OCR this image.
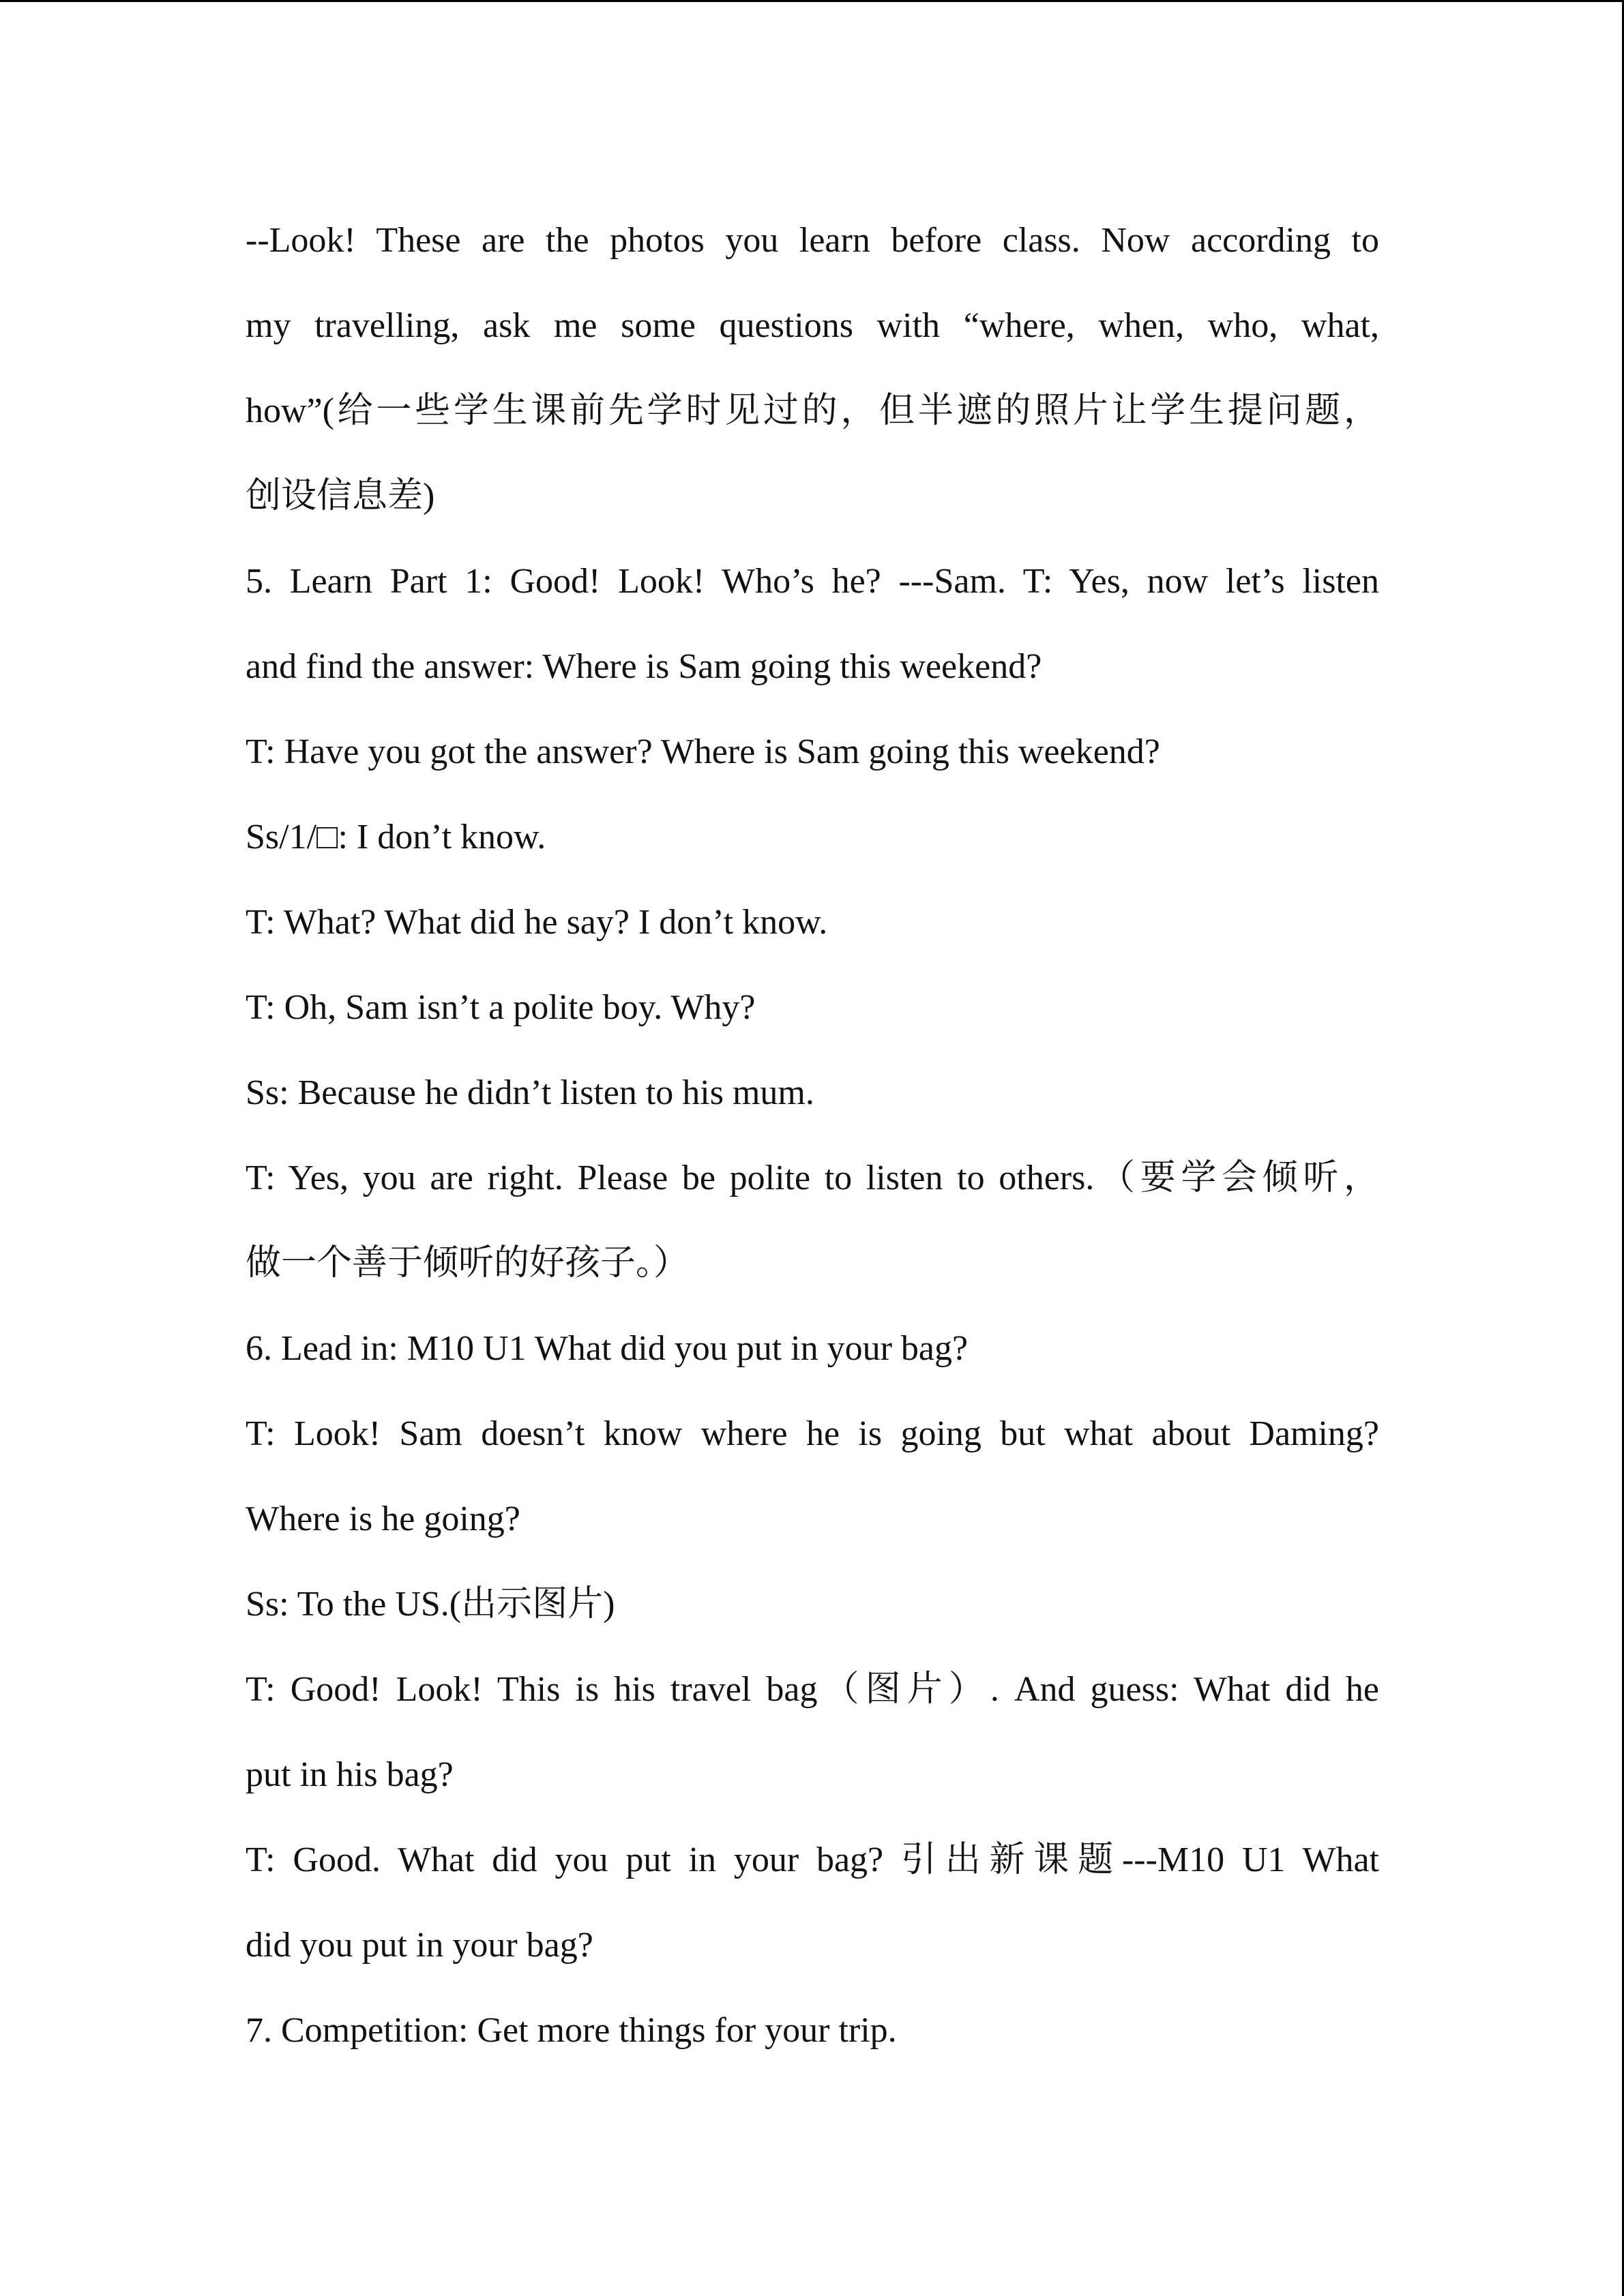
--Look! These are the photos you learn before class. Now according to
my travelling, ask me some questions with “where, when, who, what,
how”(给一些学生课前先学时见过的，但半遮的照片让学生提问题，
创设信息差)
5. Learn Part 1: Good! Look! Who’s he? ---Sam. T: Yes, now let’s listen
and find the answer: Where is Sam going this weekend?
T: Have you got the answer? Where is Sam going this weekend?
Ss/1/□: I don’t know.
T: What? What did he say? I don’t know.
T: Oh, Sam isn’t a polite boy. Why?
Ss: Because he didn’t listen to his mum.
T: Yes, you are right. Please be polite to listen to others.（要学会倾听，
做一个善于倾听的好孩子。）
6. Lead in: M10 U1 What did you put in your bag?
T: Look! Sam doesn’t know where he is going but what about Daming?
Where is he going?
Ss: To the US.(出示图片)
T: Good! Look! This is his travel bag（图片）. And guess: What did he
put in his bag?
T: Good. What did you put in your bag? 引出新课题---M10 U1 What
did you put in your bag?
7. Competition: Get more things for your trip.
